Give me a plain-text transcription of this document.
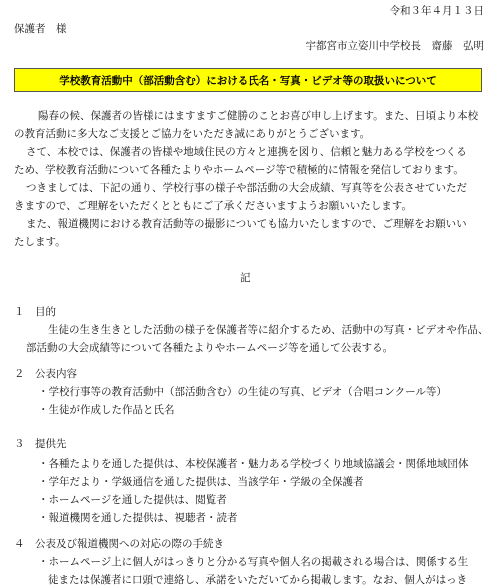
令和３年４月１３日
保護者　様
宇都宮市立姿川中学校長　齋藤　弘明
学校教育活動中（部活動含む）における氏名・写真・ビデオ等の取扱いについて
陽春の候、保護者の皆様にはますますご健勝のことお喜び申し上げます。また、日頃より本校
の教育活動に多大なご支援とご協力をいただき誠にありがとうございます。
さて、本校では、保護者の皆様や地域住民の方々と連携を図り、信頼と魅力ある学校をつくる
ため、学校教育活動について各種たよりやホームページ等で積極的に情報を発信しております。
つきましては、下記の通り、学校行事の様子や部活動の大会成績、写真等を公表させていただ
きますので、ご理解をいただくとともにご了承くださいますようお願いいたします。
また、報道機関における教育活動等の撮影についても協力いたしますので、ご理解をお願いい
たします。
記
１　目的
生徒の生き生きとした活動の様子を保護者等に紹介するため、活動中の写真・ビデオや作品、
部活動の大会成績等について各種たよりやホームページ等を通して公表する。
２　公表内容
・学校行事等の教育活動中（部活動含む）の生徒の写真、ビデオ（合唱コンクール等）
・生徒が作成した作品と氏名
３　提供先
・各種たよりを通した提供は、本校保護者・魅力ある学校づくり地域協議会・関係地域団体
・学年だより・学級通信を通した提供は、当該学年・学級の全保護者
・ホームページを通した提供は、閲覧者
・報道機関を通した提供は、視聴者・読者
４　公表及び報道機関への対応の際の手続き
・ホームページ上に個人がはっきりと分かる写真や個人名の掲載される場合は、関係する生
徒または保護者に口頭で連絡し、承諾をいただいてから掲載します。なお、個人がはっき
